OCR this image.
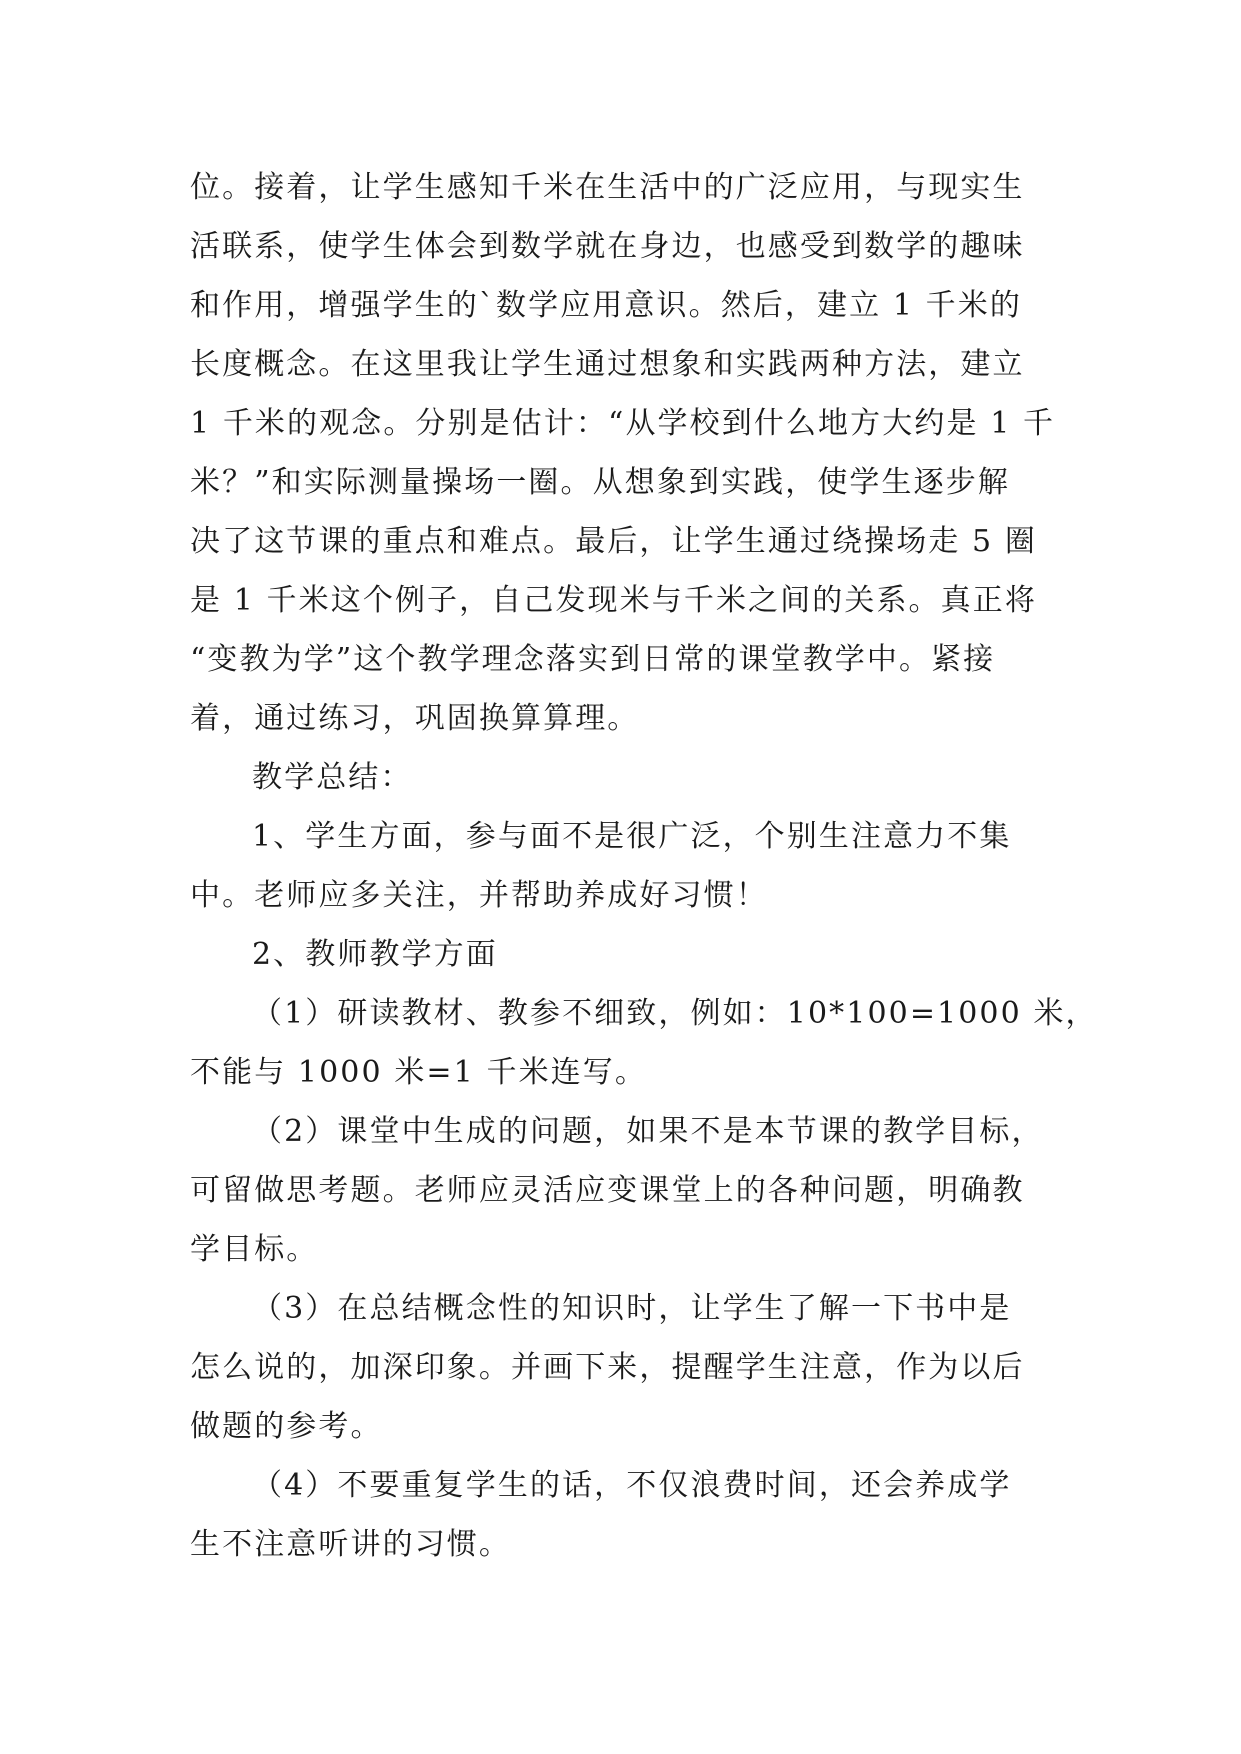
位。接着，让学生感知千米在生活中的广泛应用，与现实生
活联系，使学生体会到数学就在身边，也感受到数学的趣味
和作用，增强学生的`数学应用意识。然后，建立 1 千米的
长度概念。在这里我让学生通过想象和实践两种方法，建立
1 千米的观念。分别是估计：“从学校到什么地方大约是 1 千
米？”和实际测量操场一圈。从想象到实践，使学生逐步解
决了这节课的重点和难点。最后，让学生通过绕操场走 5 圈
是 1 千米这个例子，自己发现米与千米之间的关系。真正将
“变教为学”这个教学理念落实到日常的课堂教学中。紧接
着，通过练习，巩固换算算理。
教学总结：
1、学生方面，参与面不是很广泛，个别生注意力不集
中。老师应多关注，并帮助养成好习惯！
2、教师教学方面
（1）研读教材、教参不细致，例如：10*100=1000 米，
不能与 1000 米=1 千米连写。
（2）课堂中生成的问题，如果不是本节课的教学目标，
可留做思考题。老师应灵活应变课堂上的各种问题，明确教
学目标。
（3）在总结概念性的知识时，让学生了解一下书中是
怎么说的，加深印象。并画下来，提醒学生注意，作为以后
做题的参考。
（4）不要重复学生的话，不仅浪费时间，还会养成学
生不注意听讲的习惯。
